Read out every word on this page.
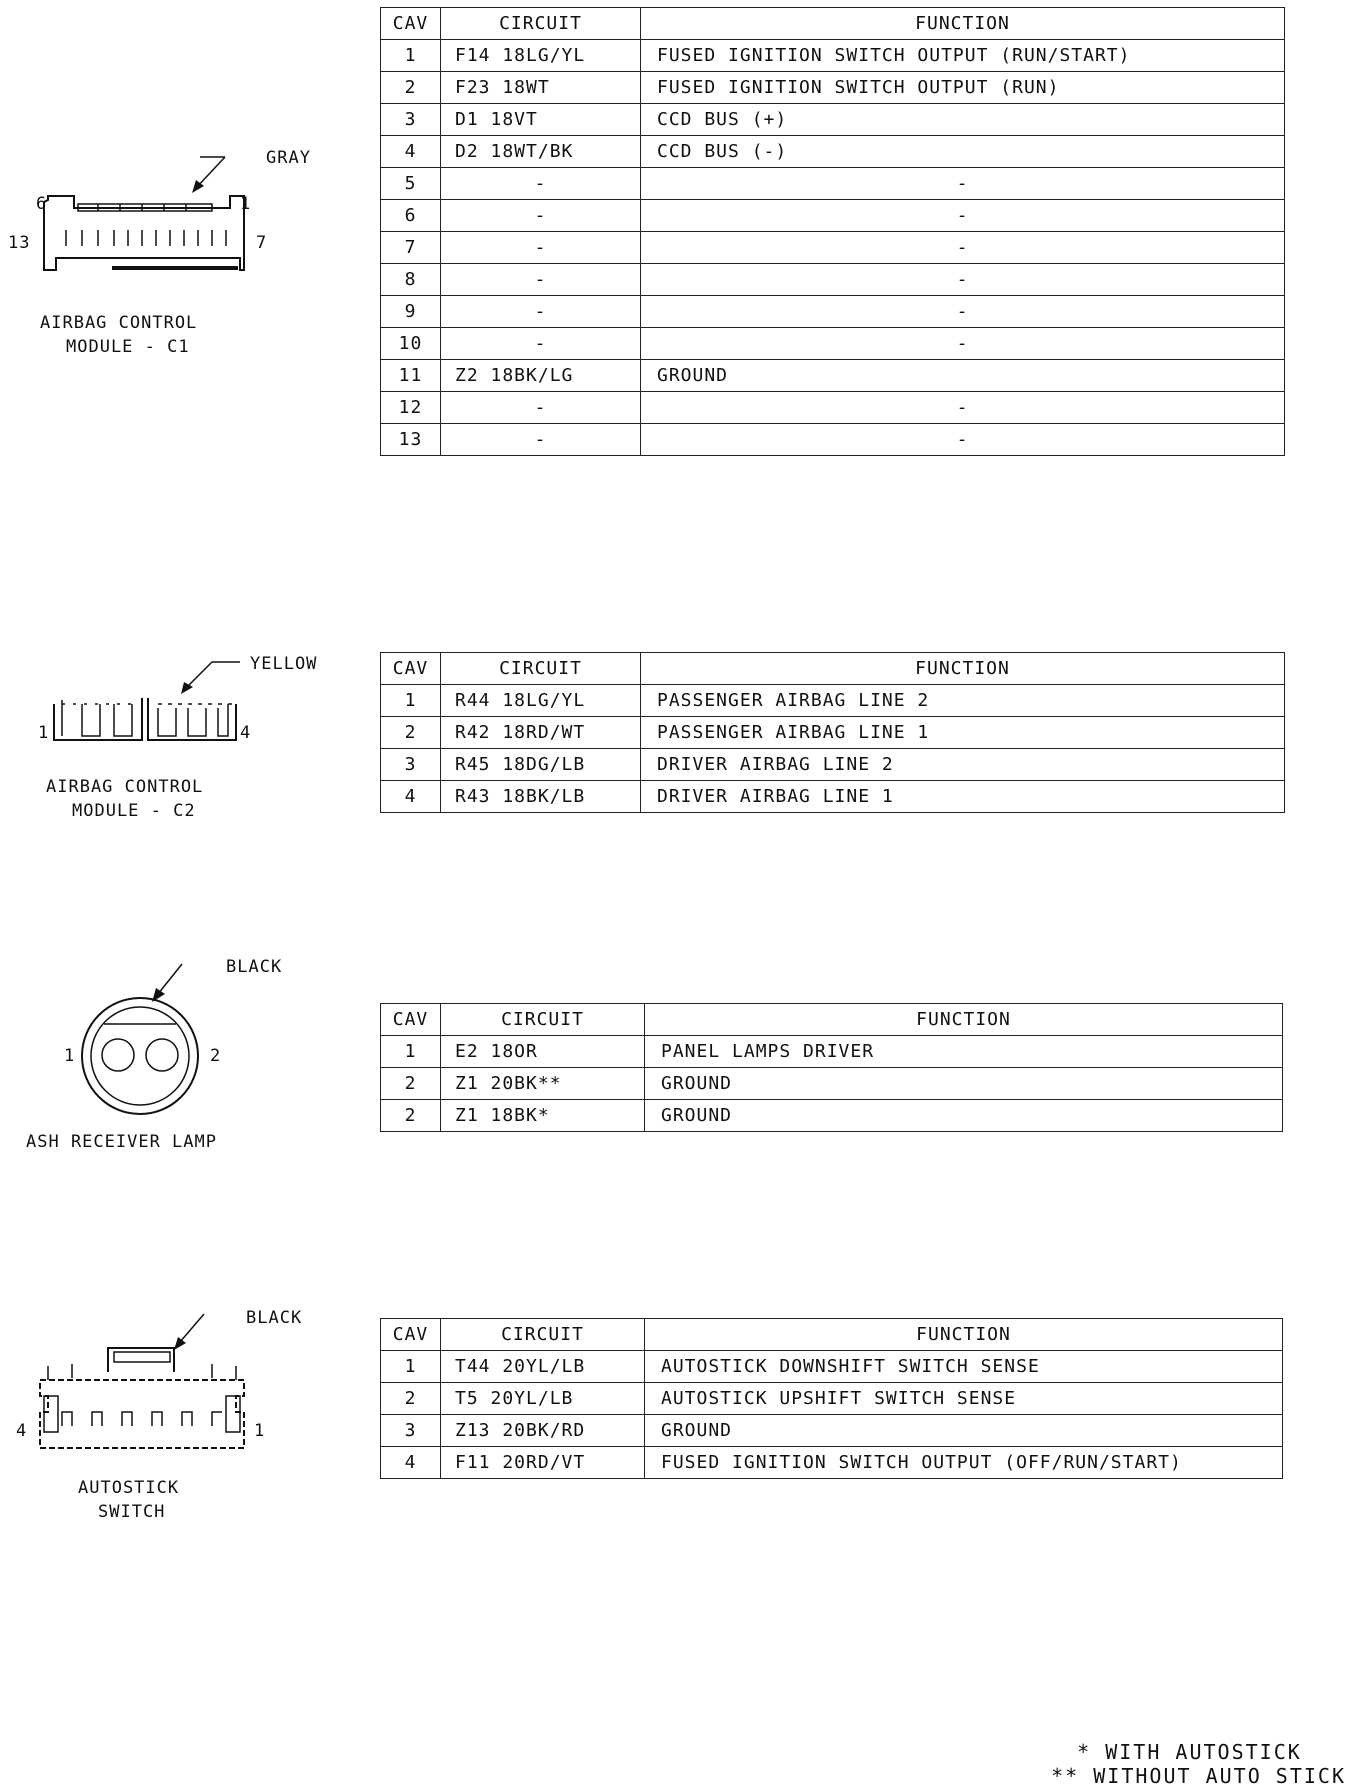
GRAY
6	1
13	7
AIRBAG CONTROL
MODULE - C1
CAV	CIRCUIT	FUNCTION
1	F14 18LG/YL	FUSED IGNITION SWITCH OUTPUT (RUN/START)
2	F23 18WT	FUSED IGNITION SWITCH OUTPUT (RUN)
3	D1 18VT	CCD BUS (+)
4	D2 18WT/BK	CCD BUS (-)
5	-	-
6	-	-
7	-	-
8	-	-
9	-	-
10	-	-
11	Z2 18BK/LG	GROUND
12	-	-
13	-	-
YELLOW
1	4
AIRBAG CONTROL
MODULE - C2
CAV	CIRCUIT	FUNCTION
1	R44 18LG/YL	PASSENGER AIRBAG LINE 2
2	R42 18RD/WT	PASSENGER AIRBAG LINE 1
3	R45 18DG/LB	DRIVER AIRBAG LINE 2
4	R43 18BK/LB	DRIVER AIRBAG LINE 1
BLACK
1	2
ASH RECEIVER LAMP
CAV	CIRCUIT	FUNCTION
1	E2 18OR	PANEL LAMPS DRIVER
2	Z1 20BK**	GROUND
2	Z1 18BK*	GROUND
BLACK
4	1
AUTOSTICK
SWITCH
CAV	CIRCUIT	FUNCTION
1	T44 20YL/LB	AUTOSTICK DOWNSHIFT SWITCH SENSE
2	T5 20YL/LB	AUTOSTICK UPSHIFT SWITCH SENSE
3	Z13 20BK/RD	GROUND
4	F11 20RD/VT	FUSED IGNITION SWITCH OUTPUT (OFF/RUN/START)
* WITH AUTOSTICK
** WITHOUT AUTO STICK
